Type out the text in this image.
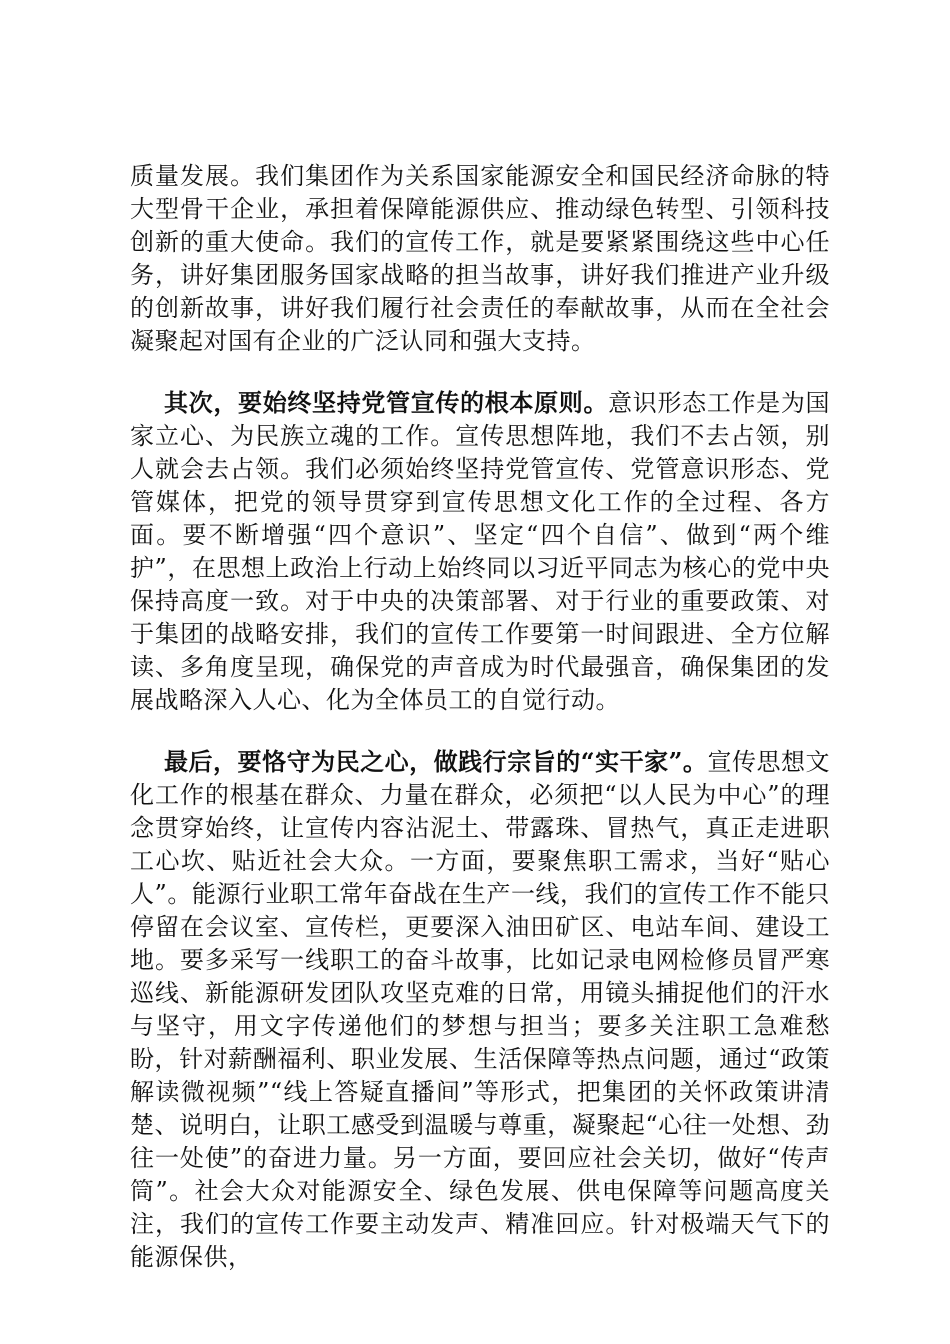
质量发展。我们集团作为关系国家能源安全和国民经济命脉的特大型骨干企业，承担着保障能源供应、推动绿色转型、引领科技创新的重大使命。我们的宣传工作，就是要紧紧围绕这些中心任务，讲好集团服务国家战略的担当故事，讲好我们推进产业升级的创新故事，讲好我们履行社会责任的奉献故事，从而在全社会凝聚起对国有企业的广泛认同和强大支持。

其次，要始终坚持党管宣传的根本原则。意识形态工作是为国家立心、为民族立魂的工作。宣传思想阵地，我们不去占领，别人就会去占领。我们必须始终坚持党管宣传、党管意识形态、党管媒体，把党的领导贯穿到宣传思想文化工作的全过程、各方面。要不断增强“四个意识”、坚定“四个自信”、做到“两个维护”，在思想上政治上行动上始终同以习近平同志为核心的党中央保持高度一致。对于中央的决策部署、对于行业的重要政策、对于集团的战略安排，我们的宣传工作要第一时间跟进、全方位解读、多角度呈现，确保党的声音成为时代最强音，确保集团的发展战略深入人心、化为全体员工的自觉行动。

最后，要恪守为民之心，做践行宗旨的“实干家”。宣传思想文化工作的根基在群众、力量在群众，必须把“以人民为中心”的理念贯穿始终，让宣传内容沾泥土、带露珠、冒热气，真正走进职工心坎、贴近社会大众。一方面，要聚焦职工需求，当好“贴心人”。能源行业职工常年奋战在生产一线，我们的宣传工作不能只停留在会议室、宣传栏，更要深入油田矿区、电站车间、建设工地。要多采写一线职工的奋斗故事，比如记录电网检修员冒严寒巡线、新能源研发团队攻坚克难的日常，用镜头捕捉他们的汗水与坚守，用文字传递他们的梦想与担当；要多关注职工急难愁盼，针对薪酬福利、职业发展、生活保障等热点问题，通过“政策解读微视频”“线上答疑直播间”等形式，把集团的关怀政策讲清楚、说明白，让职工感受到温暖与尊重，凝聚起“心往一处想、劲往一处使”的奋进力量。另一方面，要回应社会关切，做好“传声筒”。社会大众对能源安全、绿色发展、供电保障等问题高度关注，我们的宣传工作要主动发声、精准回应。针对极端天气下的能源保供，
